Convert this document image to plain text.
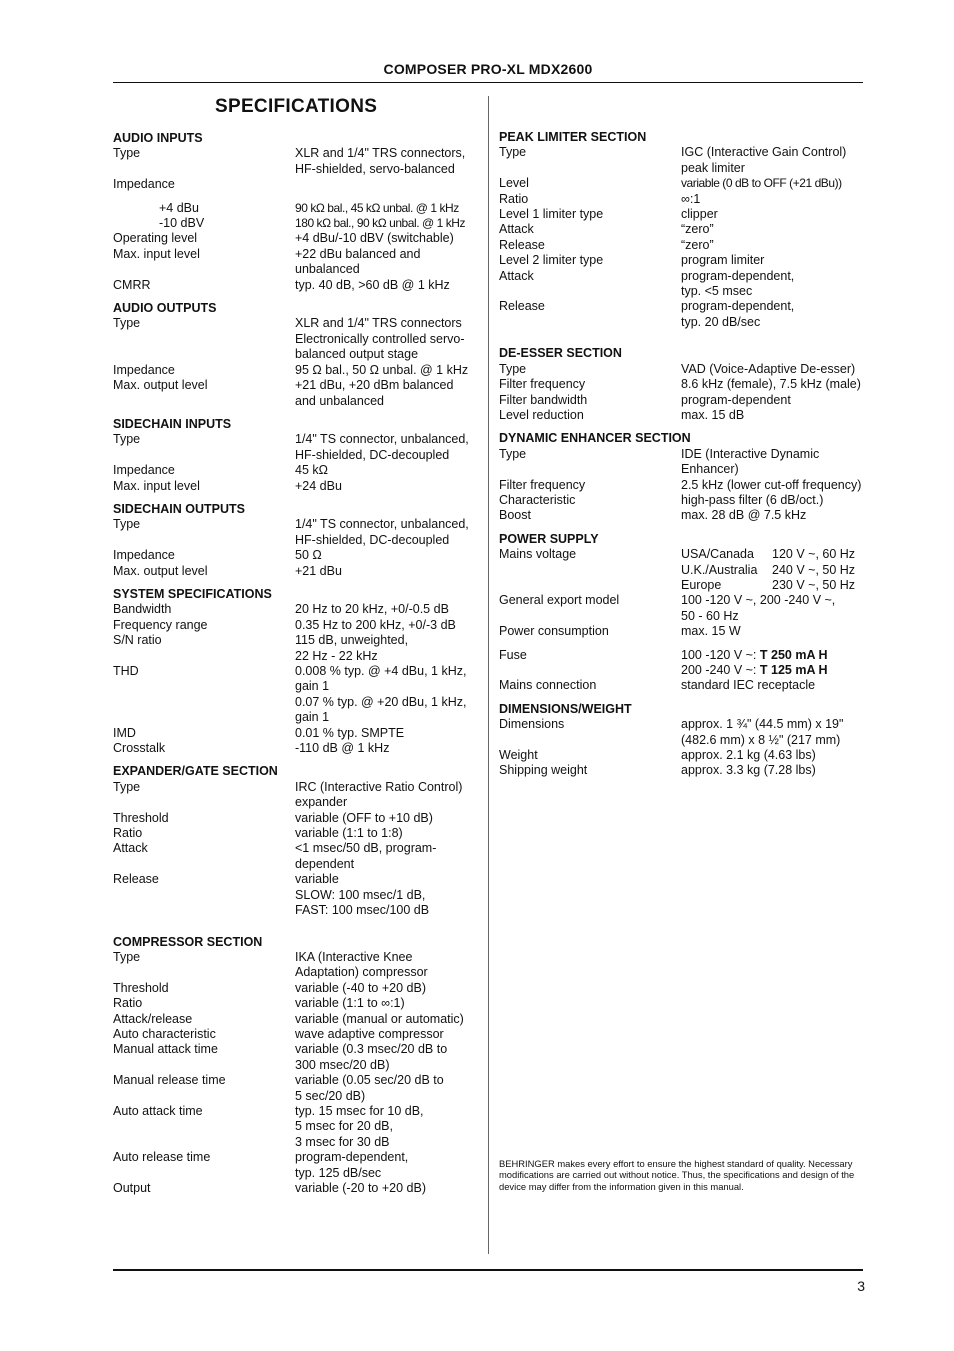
COMPOSER PRO-XL MDX2600
SPECIFICATIONS
AUDIO INPUTS
Type	XLR and 1/4" TRS connectors,
HF-shielded, servo-balanced
Impedance
+4 dBu	90 kΩ bal., 45 kΩ unbal. @ 1 kHz
-10 dBV	180 kΩ bal., 90 kΩ unbal. @ 1 kHz
Operating level	+4 dBu/-10 dBV (switchable)
Max. input level	+22 dBu balanced and
unbalanced
CMRR	typ. 40 dB, >60 dB @ 1 kHz
AUDIO OUTPUTS
Type	XLR and 1/4" TRS connectors
Electronically controlled servo-
balanced output stage
Impedance	95 Ω bal., 50 Ω unbal. @ 1 kHz
Max. output level	+21 dBu, +20 dBm balanced
and unbalanced
SIDECHAIN INPUTS
Type	1/4" TS connector, unbalanced,
HF-shielded, DC-decoupled
Impedance	45 kΩ
Max. input level	+24 dBu
SIDECHAIN OUTPUTS
Type	1/4" TS connector, unbalanced,
HF-shielded, DC-decoupled
Impedance	50 Ω
Max. output level	+21 dBu
SYSTEM SPECIFICATIONS
Bandwidth	20 Hz to 20 kHz, +0/-0.5 dB
Frequency range	0.35 Hz to 200 kHz, +0/-3 dB
S/N ratio	115 dB, unweighted,
22 Hz - 22 kHz
THD	0.008 % typ. @ +4 dBu, 1 kHz,
gain 1
0.07 % typ. @ +20 dBu, 1 kHz,
gain 1
IMD	0.01 % typ. SMPTE
Crosstalk	-110 dB @ 1 kHz
EXPANDER/GATE SECTION
Type	IRC (Interactive Ratio Control)
expander
Threshold	variable (OFF to +10 dB)
Ratio	variable (1:1 to 1:8)
Attack	<1 msec/50 dB, program-
dependent
Release	variable
SLOW: 100 msec/1 dB,
FAST: 100 msec/100 dB
COMPRESSOR SECTION
Type	IKA (Interactive Knee
Adaptation) compressor
Threshold	variable (-40 to +20 dB)
Ratio	variable (1:1 to ∞:1)
Attack/release	variable (manual or automatic)
Auto characteristic	wave adaptive compressor
Manual attack time	variable (0.3 msec/20 dB to
300 msec/20 dB)
Manual release time	variable (0.05 sec/20 dB to
5 sec/20 dB)
Auto attack time	typ. 15 msec for 10 dB,
5 msec for 20 dB,
3 msec for 30 dB
Auto release time	program-dependent,
typ. 125 dB/sec
Output	variable (-20 to +20 dB)
PEAK LIMITER SECTION
Type	IGC (Interactive Gain Control)
peak limiter
Level	variable (0 dB to OFF (+21 dBu))
Ratio	∞:1
Level 1 limiter type	clipper
Attack	“zero”
Release	“zero”
Level 2 limiter type	program limiter
Attack	program-dependent,
typ. <5 msec
Release	program-dependent,
typ. 20 dB/sec
DE-ESSER SECTION
Type	VAD (Voice-Adaptive De-esser)
Filter frequency	8.6 kHz (female), 7.5 kHz (male)
Filter bandwidth	program-dependent
Level reduction	max. 15 dB
DYNAMIC ENHANCER SECTION
Type	IDE (Interactive Dynamic
Enhancer)
Filter frequency	2.5 kHz (lower cut-off frequency)
Characteristic	high-pass filter (6 dB/oct.)
Boost	max. 28 dB @ 7.5 kHz
POWER SUPPLY
Mains voltage	USA/Canada	120 V ~, 60 Hz
U.K./Australia	240 V ~, 50 Hz
Europe	230 V ~, 50 Hz
General export model	100 -120 V ~, 200 -240 V ~,
50 - 60 Hz
Power consumption	max. 15 W
Fuse	100 -120 V ~: T 250 mA H
200 -240 V ~: T 125 mA H
Mains connection	standard IEC receptacle
DIMENSIONS/WEIGHT
Dimensions	approx. 1 ¾" (44.5 mm) x 19"
(482.6 mm) x 8 ½" (217 mm)
Weight	approx. 2.1 kg (4.63 lbs)
Shipping weight	approx. 3.3 kg (7.28 lbs)
BEHRINGER makes every effort to ensure the highest standard of quality. Necessary modifications are carried out without notice. Thus, the specifications and design of the device may differ from the information given in this manual.
3
